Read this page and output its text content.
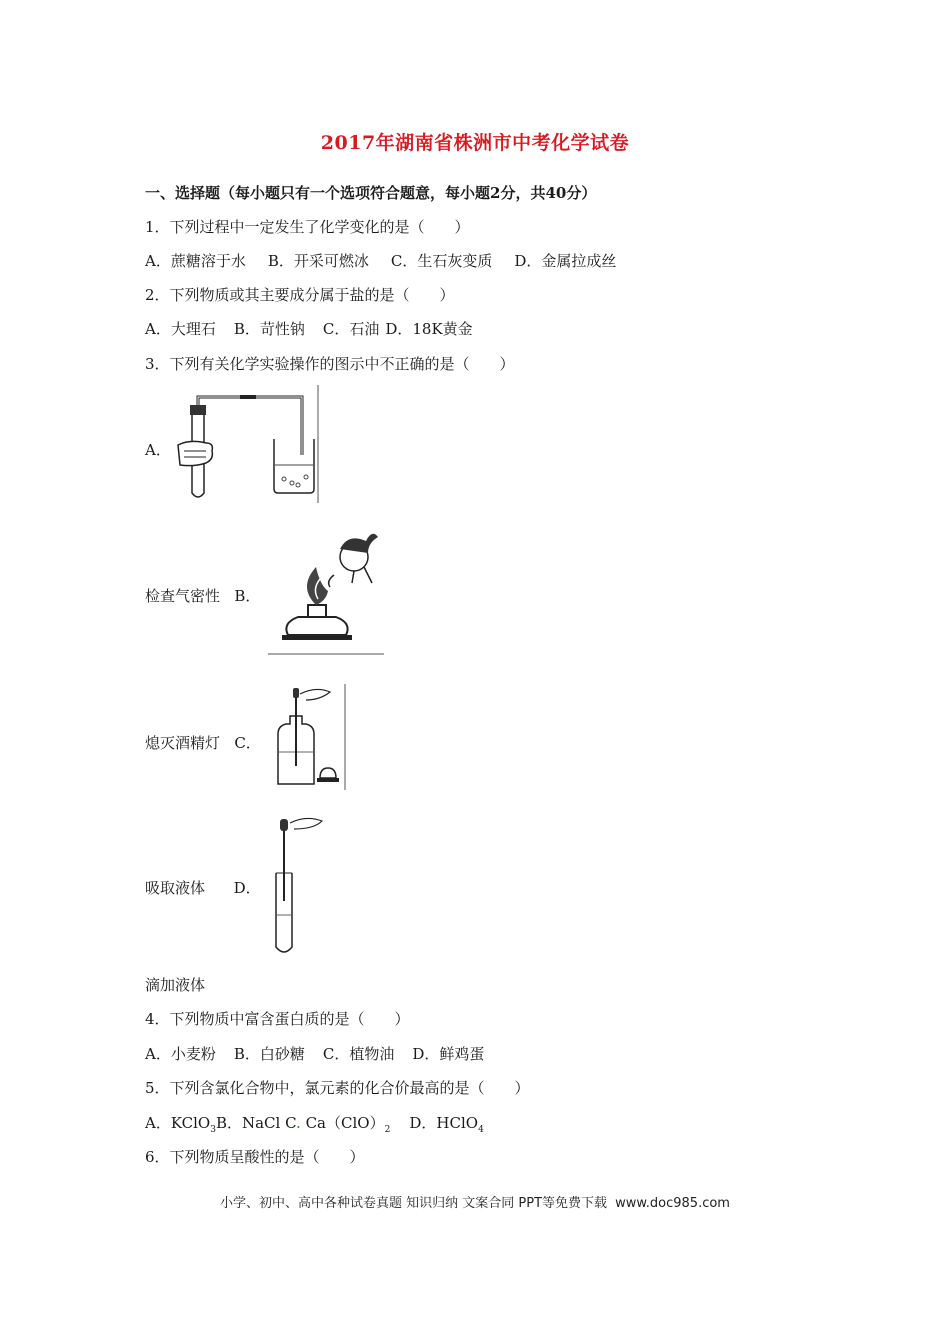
2017年湖南省株洲市中考化学试卷
一、选择题（每小题只有一个选项符合题意，每小题2分，共40分）
1．下列过程中一定发生了化学变化的是（　　）
A．蔗糖溶于水 B．开采可燃冰 C．生石灰变质 D．金属拉成丝
2．下列物质或其主要成分属于盐的是（　　）
A．大理石 B．苛性钠 C．石油 D．18K黄金
3．下列有关化学实验操作的图示中不正确的是（　　）
A．
检查气密性 B．
熄灭酒精灯 C．
吸取液体 D．
滴加液体
4．下列物质中富含蛋白质的是（　　）
A．小麦粉 B．白砂糖 C．植物油 D．鲜鸡蛋
5．下列含氯化合物中，氯元素的化合价最高的是（　　）
A．KClO$_3$B．NaCl C. $Ca(ClO)_2$ D．HClO$_4$
6．下列物质呈酸性的是（　　）
小学、初中、高中各种试卷真题 知识归纳 文案合同 PPT等免费下载 www.doc985.com
